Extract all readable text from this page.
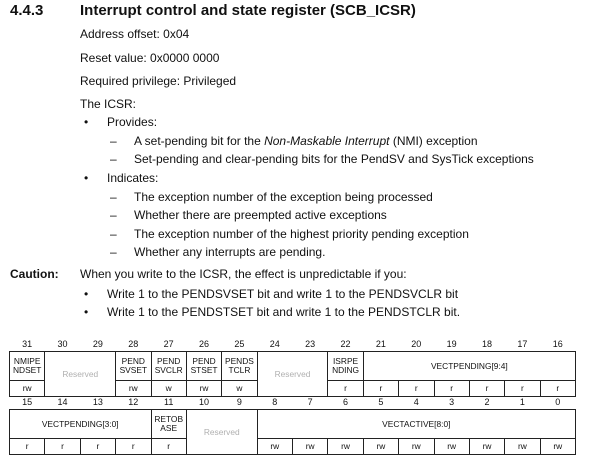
4.4.3 Interrupt control and state register (SCB_ICSR)
Address offset: 0x04
Reset value: 0x0000 0000
Required privilege: Privileged
The ICSR:
• Provides:
– A set-pending bit for the Non-Maskable Interrupt (NMI) exception
– Set-pending and clear-pending bits for the PendSV and SysTick exceptions
• Indicates:
– The exception number of the exception being processed
– Whether there are preempted active exceptions
– The exception number of the highest priority pending exception
– Whether any interrupts are pending.
Caution: When you write to the ICSR, the effect is unpredictable if you:
• Write 1 to the PENDSVSET bit and write 1 to the PENDSVCLR bit
• Write 1 to the PENDSTSET bit and write 1 to the PENDSTCLR bit.
31	30	29	28	27	26	25	24	23	22	21	20	19	18	17	16
NMIPE NDSET	Reserved		PEND SVSET	PEND SVCLR	PEND STSET	PENDS TCLR	Reserved		ISRPE NDING	VECTPENDING[9:4]					
rw			rw	w	rw	w			r	r	r	r	r	r	r
15	14	13	12	11	10	9	8	7	6	5	4	3	2	1	0
VECTPENDING[3:0]				RETOB ASE	Reserved		VECTACTIVE[8:0]								
r	r	r	r	r			rw	rw	rw	rw	rw	rw	rw	rw	rw
